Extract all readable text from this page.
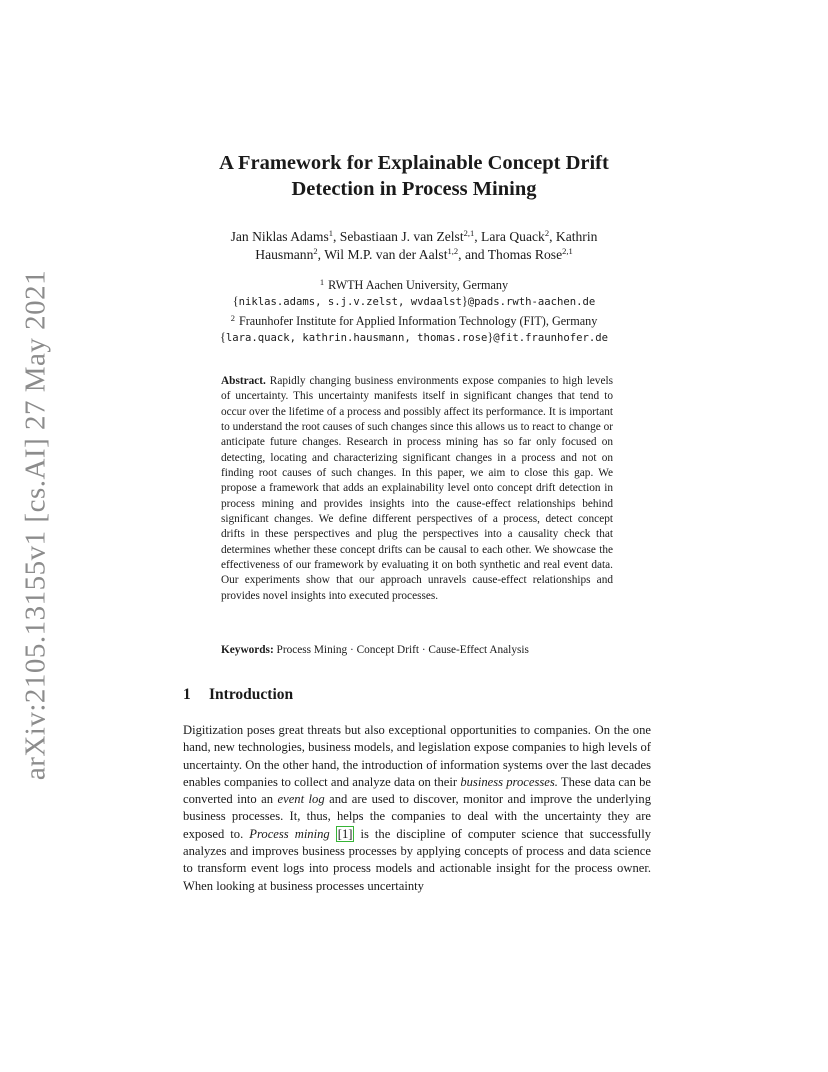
arXiv:2105.13155v1 [cs.AI] 27 May 2021
A Framework for Explainable Concept Drift
Detection in Process Mining
Jan Niklas Adams$^1$, Sebastiaan J. van Zelst$^{2,1}$, Lara Quack$^2$, Kathrin
Hausmann$^2$, Wil M.P. van der Aalst$^{1,2}$, and Thomas Rose$^{2,1}$
$^1$ RWTH Aachen University, Germany
{niklas.adams, s.j.v.zelst, wvdaalst}@pads.rwth-aachen.de
$^2$ Fraunhofer Institute for Applied Information Technology (FIT), Germany
{lara.quack, kathrin.hausmann, thomas.rose}@fit.fraunhofer.de
Abstract. Rapidly changing business environments expose companies to high levels of uncertainty. This uncertainty manifests itself in significant changes that tend to occur over the lifetime of a process and possibly affect its performance. It is important to understand the root causes of such changes since this allows us to react to change or anticipate future changes. Research in process mining has so far only focused on detecting, locating and characterizing significant changes in a process and not on finding root causes of such changes. In this paper, we aim to close this gap. We propose a framework that adds an explainability level onto concept drift detection in process mining and provides insights into the cause-effect relationships behind significant changes. We define different perspectives of a process, detect concept drifts in these perspectives and plug the perspectives into a causality check that determines whether these concept drifts can be causal to each other. We showcase the effectiveness of our framework by evaluating it on both synthetic and real event data. Our experiments show that our approach unravels cause-effect relationships and provides novel insights into executed processes.
Keywords: Process Mining · Concept Drift · Cause-Effect Analysis
1 Introduction
Digitization poses great threats but also exceptional opportunities to companies. On the one hand, new technologies, business models, and legislation expose companies to high levels of uncertainty. On the other hand, the introduction of information systems over the last decades enables companies to collect and analyze data on their business processes. These data can be converted into an event log and are used to discover, monitor and improve the underlying business processes. It, thus, helps the companies to deal with the uncertainty they are exposed to. Process mining [1] is the discipline of computer science that successfully analyzes and improves business processes by applying concepts of process and data science to transform event logs into process models and actionable insight for the process owner. When looking at business processes uncertainty
